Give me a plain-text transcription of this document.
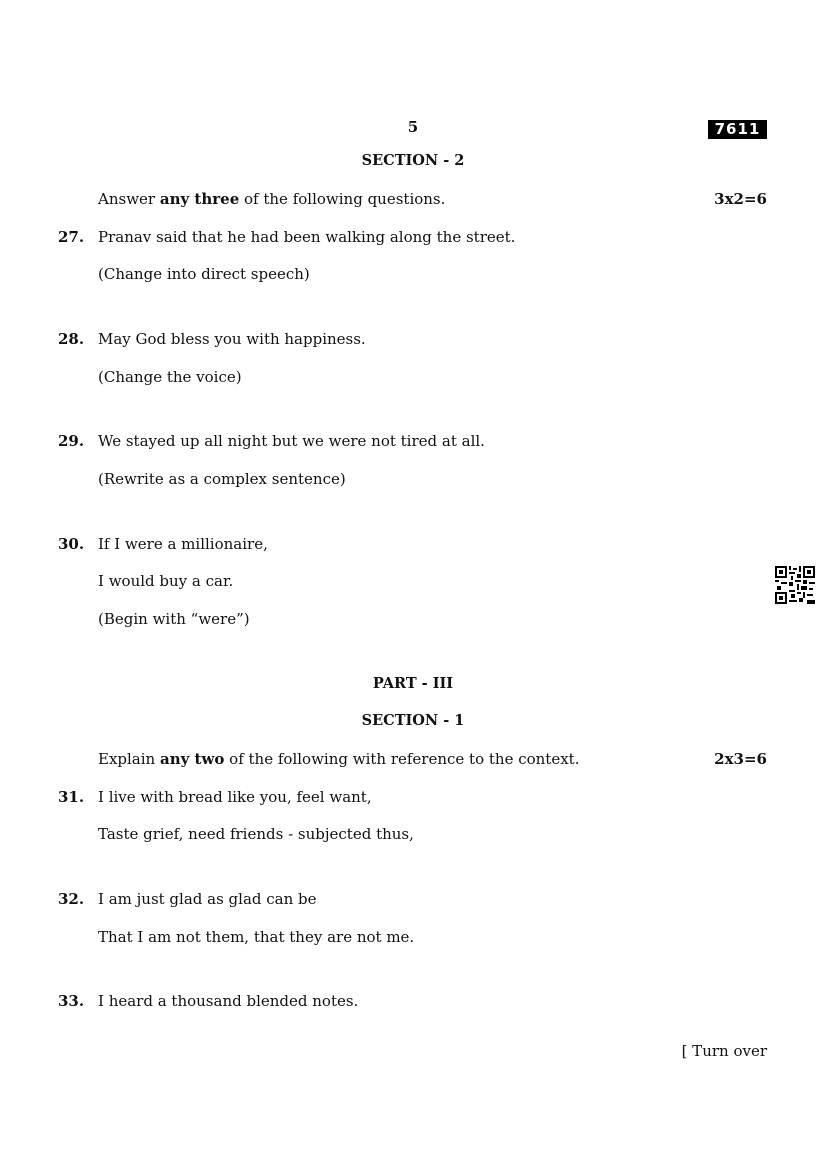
5	7611
SECTION - 2
Answer any three of the following questions.	3x2=6
27. Pranav said that he had been walking along the street.
(Change into direct speech)
28. May God bless you with happiness.
(Change the voice)
29. We stayed up all night but we were not tired at all.
(Rewrite as a complex sentence)
30. If I were a millionaire,
I would buy a car.
(Begin with “were”)
PART - III
SECTION - 1
Explain any two of the following with reference to the context.	2x3=6
31. I live with bread like you, feel want,
Taste grief, need friends - subjected thus,
32. I am just glad as glad can be
That I am not them, that they are not me.
33. I heard a thousand blended notes.
[ Turn over
